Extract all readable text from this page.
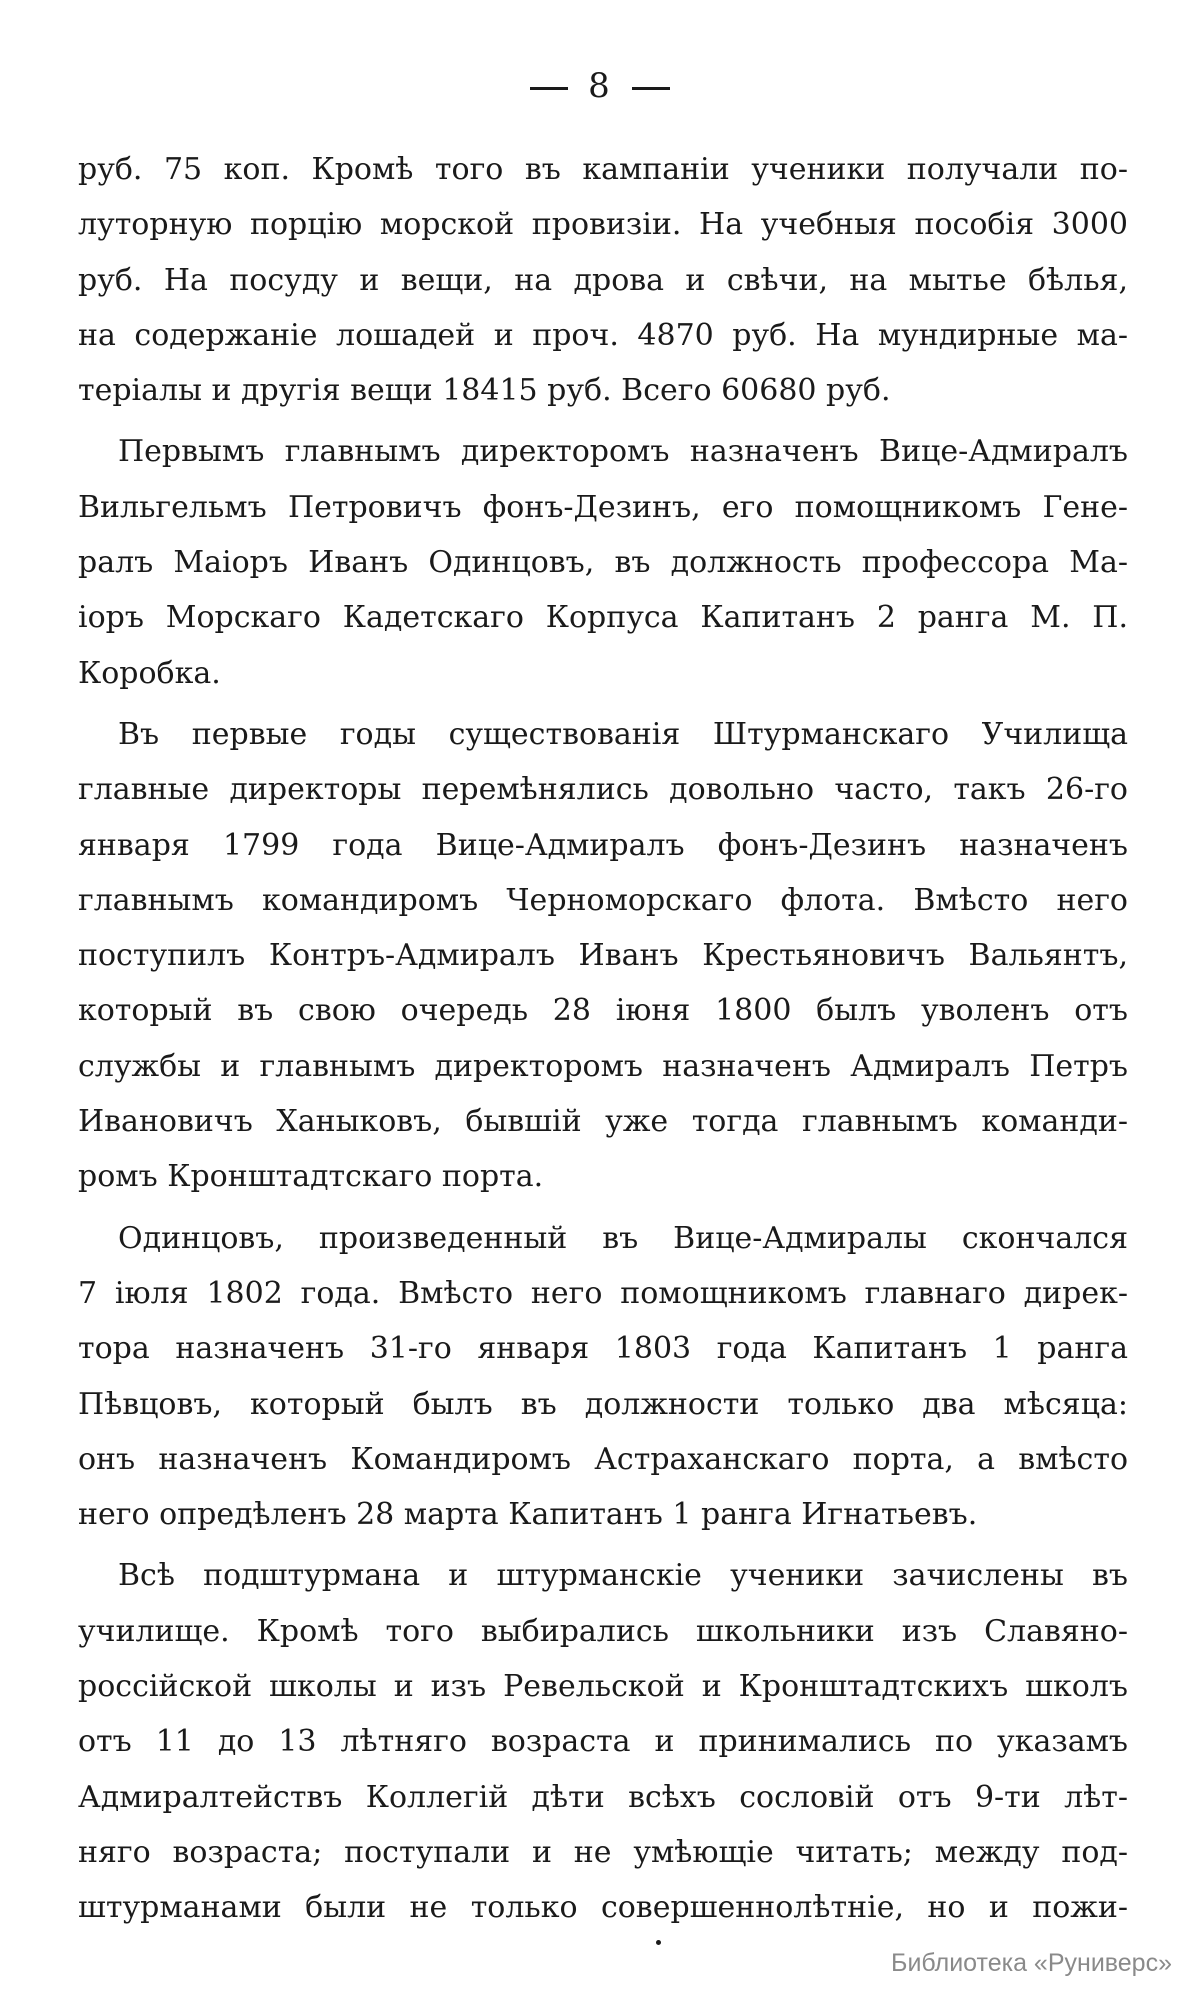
8
руб. 75 коп. Кромѣ того въ кампаніи ученики получали по-
луторную порцію морской провизіи. На учебныя пособія 3000
руб. На посуду и вещи, на дрова и свѣчи, на мытье бѣлья,
на содержаніе лошадей и проч. 4870 руб. На мундирные ма-
теріалы и другія вещи 18415 руб. Всего 60680 руб.
Первымъ главнымъ директоромъ назначенъ Вице-Адмиралъ
Вильгельмъ Петровичъ фонъ-Дезинъ, его помощникомъ Гене-
ралъ Маіоръ Иванъ Одинцовъ, въ должность профессора Ма-
іоръ Морскаго Кадетскаго Корпуса Капитанъ 2 ранга М. П.
Коробка.
Въ первые годы существованія Штурманскаго Училища
главные директоры перемѣнялись довольно часто, такъ 26-го
января 1799 года Вице-Адмиралъ фонъ-Дезинъ назначенъ
главнымъ командиромъ Черноморскаго флота. Вмѣсто него
поступилъ Контръ-Адмиралъ Иванъ Крестьяновичъ Вальянтъ,
который въ свою очередь 28 іюня 1800 былъ уволенъ отъ
службы и главнымъ директоромъ назначенъ Адмиралъ Петръ
Ивановичъ Ханыковъ, бывшій уже тогда главнымъ команди-
ромъ Кронштадтскаго порта.
Одинцовъ, произведенный въ Вице-Адмиралы скончался
7 іюля 1802 года. Вмѣсто него помощникомъ главнаго дирек-
тора назначенъ 31-го января 1803 года Капитанъ 1 ранга
Пѣвцовъ, который былъ въ должности только два мѣсяца:
онъ назначенъ Командиромъ Астраханскаго порта, а вмѣсто
него опредѣленъ 28 марта Капитанъ 1 ранга Игнатьевъ.
Всѣ подштурмана и штурманскіе ученики зачислены въ
училище. Кромѣ того выбирались школьники изъ Славяно-
россійской школы и изъ Ревельской и Кронштадтскихъ школъ
отъ 11 до 13 лѣтняго возраста и принимались по указамъ
Адмиралтействъ Коллегій дѣти всѣхъ сословій отъ 9-ти лѣт-
няго возраста; поступали и не умѣющіе читать; между под-
штурманами были не только совершеннолѣтніе, но и пожи-
Библиотека «Руниверс»
